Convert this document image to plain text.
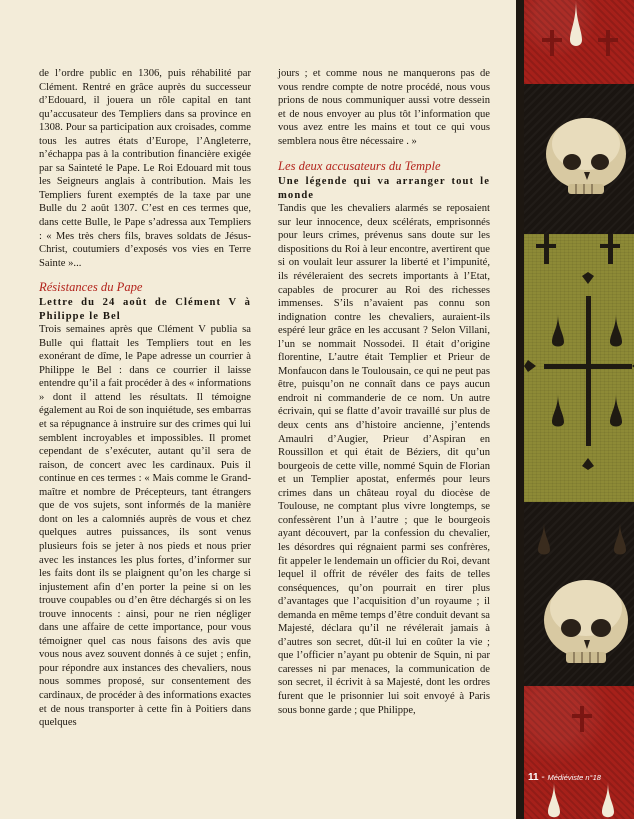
de l’ordre public en 1306, puis réhabilité par Clément. Rentré en grâce auprès du successeur d’Edouard, il jouera un rôle capital en tant qu’accusateur des Templiers dans sa province en 1308. Pour sa participation aux croisades, comme tous les autres états d’Europe, l’Angleterre, n’échappa pas à la contribution financière exigée par sa Sainteté le Pape. Le Roi Edouard mit tous les Seigneurs anglais à contribution. Mais les Templiers furent exemptés de la taxe par une Bulle du 2 août 1307. C’est en ces termes que, dans cette Bulle, le Pape s’adressa aux Templiers : « Mes très chers fils, braves soldats de Jésus-Christ, coutumiers d’exposés vos vies en Terre Sainte »...

Résistances du Pape
Lettre du 24 août de Clément V à Philippe le Bel

Trois semaines après que Clément V publia sa Bulle qui flattait les Templiers tout en les exonérant de dîme, le Pape adresse un courrier à Philippe le Bel : dans ce courrier il laisse entendre qu’il a fait procéder à des « informations » dont il attend les résultats. Il témoigne également au Roi de son inquiétude, ses embarras et sa répugnance à instruire sur des crimes qui lui semblent incroyables et impossibles. Il promet cependant de s’exécuter, autant qu’il sera de raison, de concert avec les cardinaux. Puis il continue en ces termes : « Mais comme le Grand-maître et nombre de Précepteurs, tant étrangers que de vos sujets, sont informés de la manière dont on les a calomniés auprès de vous et chez quelques autres puissances, ils sont venus plusieurs fois se jeter à nos pieds et nous prier avec les instances les plus fortes, d’informer sur les faits dont ils se plaignent qu’on les charge si injustement afin d’en porter la peine si on les trouve coupables ou d’en être déchargés si on les trouve innocents : ainsi, pour ne rien négliger dans une affaire de cette importance, pour vous témoigner quel cas nous faisons des avis que vous nous avez souvent donnés à ce sujet ; enfin, pour répondre aux instances des chevaliers, nous nous sommes proposé, sur consentement des cardinaux, de procéder à des informations exactes et de nous transporter à cette fin à Poitiers dans quelques

jours ; et comme nous ne manquerons pas de vous rendre compte de notre procédé, nous vous prions de nous communiquer aussi votre dessein et de nous envoyer au plus tôt l’information que vous avez entre les mains et tout ce qui vous semblera nous être nécessaire . »

Les deux accusateurs du Temple
Une légende qui va arranger tout le monde

Tandis que les chevaliers alarmés se reposaient sur leur innocence, deux scélérats, emprisonnés pour leurs crimes, prévenus sans doute sur les dispositions du Roi à leur encontre, avertirent que si on voulait leur assurer la liberté et l’impunité, ils révéleraient des secrets importants à l’Etat, capables de procurer au Roi des richesses immenses. S’ils n’avaient pas connu son indignation contre les chevaliers, auraient-ils espéré leur grâce en les accusant ? Selon Villani, l’un se nommait Nossodei. Il était d’origine florentine, L’autre était Templier et Prieur de Monfaucon dans le Toulousain, ce qui ne peut pas être, puisqu’on ne connaît dans ce pays aucun endroit ni commanderie de ce nom. Un autre écrivain, qui se flatte d’avoir travaillé sur plus de deux cents ans d’histoire ancienne, j’entends Amaulri d’Augier, Prieur d’Aspiran en Roussillon et qui était de Béziers, dit qu’un bourgeois de cette ville, nommé Squin de Florian et un Templier apostat, enfermés pour leurs crimes dans un château royal du diocèse de Toulouse, ne comptant plus vivre longtemps, se confessèrent l’un à l’autre ; que le bourgeois ayant découvert, par la confession du chevalier, les désordres qui régnaient parmi ses confrères, fit appeler le lendemain un officier du Roi, devant lequel il offrit de révéler des faits de telles conséquences, qu’on pourrait en tirer plus d’avantages que l’acquisition d’un royaume ; il demanda en même temps d’être conduit devant sa Majesté, déclara qu’il ne révélerait jamais à d’autres son secret, dût-il lui en coûter la vie ; que l’officier n’ayant pu obtenir de Squin, ni par caresses ni par menaces, la communication de son secret, il écrivit à sa Majesté, dont les ordres furent que le prisonnier lui soit envoyé à Paris sous bonne garde ; que Philippe,

11 - Médiéviste n°18
